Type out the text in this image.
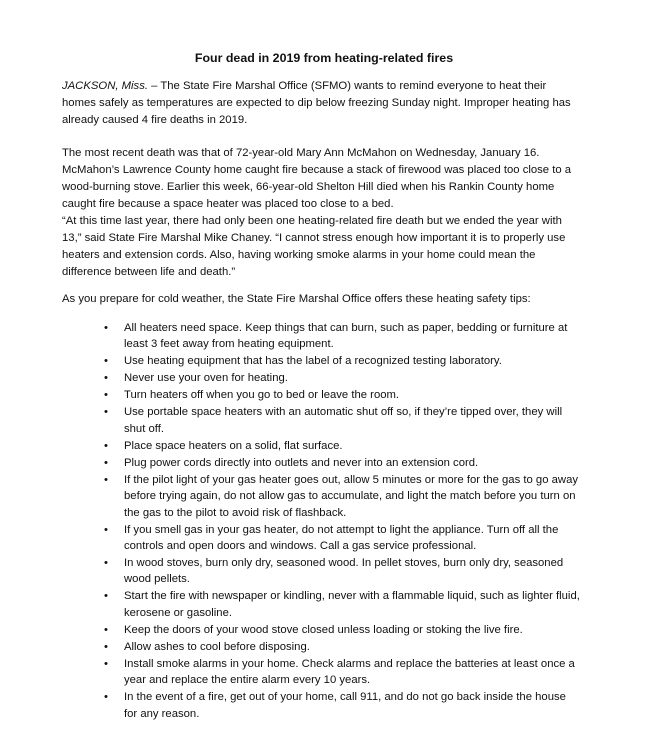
Four dead in 2019 from heating-related fires

JACKSON, Miss. – The State Fire Marshal Office (SFMO) wants to remind everyone to heat their homes safely as temperatures are expected to dip below freezing Sunday night. Improper heating has already caused 4 fire deaths in 2019.

The most recent death was that of 72-year-old Mary Ann McMahon on Wednesday, January 16. McMahon’s Lawrence County home caught fire because a stack of firewood was placed too close to a wood-burning stove. Earlier this week, 66-year-old Shelton Hill died when his Rankin County home caught fire because a space heater was placed too close to a bed.

“At this time last year, there had only been one heating-related fire death but we ended the year with 13,” said State Fire Marshal Mike Chaney. “I cannot stress enough how important it is to properly use heaters and extension cords. Also, having working smoke alarms in your home could mean the difference between life and death.”

As you prepare for cold weather, the State Fire Marshal Office offers these heating safety tips:

• All heaters need space. Keep things that can burn, such as paper, bedding or furniture at least 3 feet away from heating equipment.
• Use heating equipment that has the label of a recognized testing laboratory.
• Never use your oven for heating.
• Turn heaters off when you go to bed or leave the room.
• Use portable space heaters with an automatic shut off so, if they’re tipped over, they will shut off.
• Place space heaters on a solid, flat surface.
• Plug power cords directly into outlets and never into an extension cord.
• If the pilot light of your gas heater goes out, allow 5 minutes or more for the gas to go away before trying again, do not allow gas to accumulate, and light the match before you turn on the gas to the pilot to avoid risk of flashback.
• If you smell gas in your gas heater, do not attempt to light the appliance. Turn off all the controls and open doors and windows. Call a gas service professional.
• In wood stoves, burn only dry, seasoned wood. In pellet stoves, burn only dry, seasoned wood pellets.
• Start the fire with newspaper or kindling, never with a flammable liquid, such as lighter fluid, kerosene or gasoline.
• Keep the doors of your wood stove closed unless loading or stoking the live fire.
• Allow ashes to cool before disposing.
• Install smoke alarms in your home. Check alarms and replace the batteries at least once a year and replace the entire alarm every 10 years.
• In the event of a fire, get out of your home, call 911, and do not go back inside the house for any reason.
